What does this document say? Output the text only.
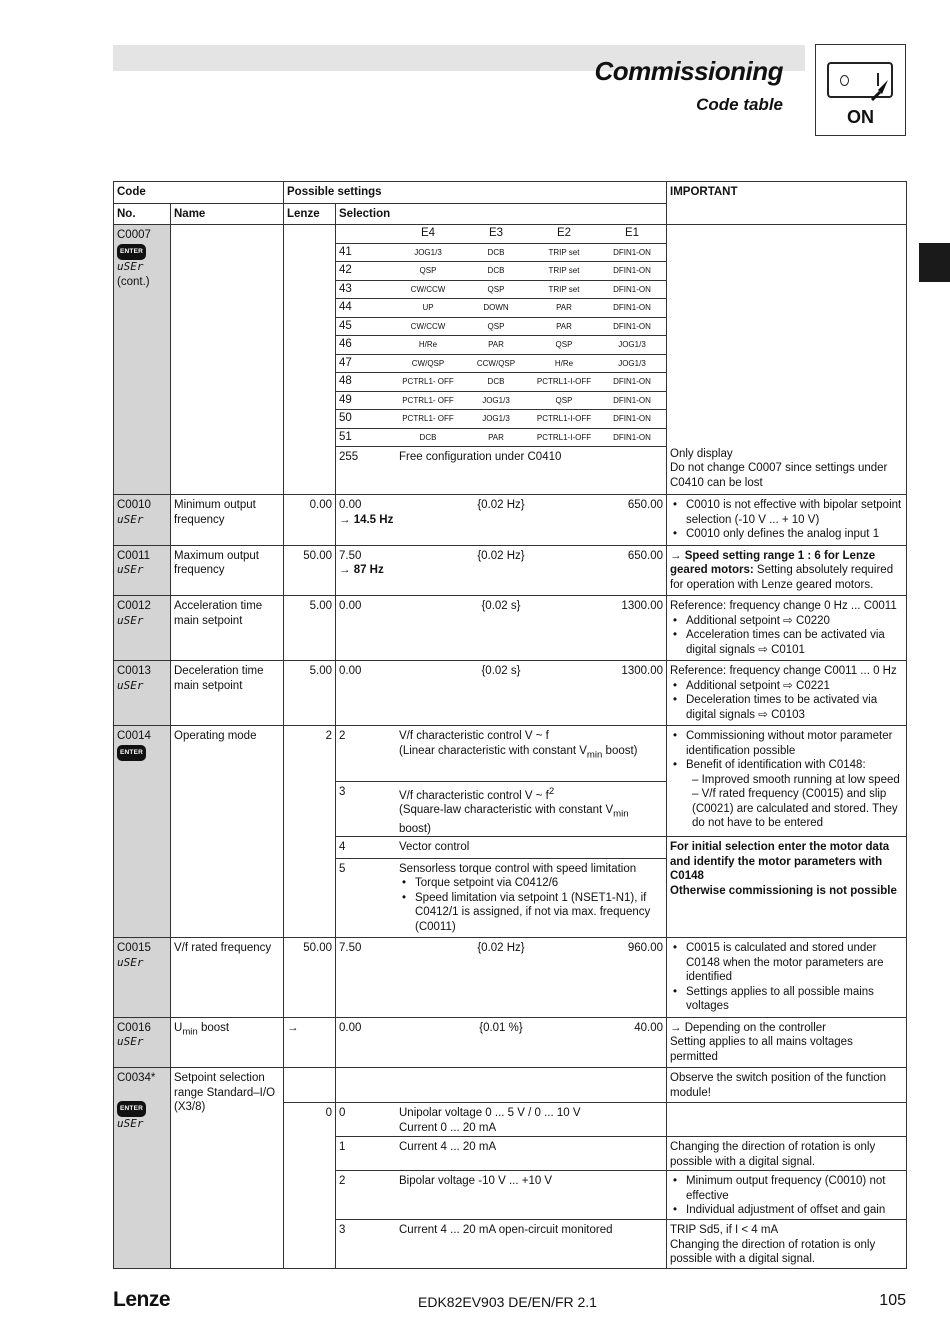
Commissioning
Code table
ON
Code	Possible settings	IMPORTANT
No.	Name	Lenze	Selection

C0007
ENTER
uSEr
(cont.)

	E4	E3	E2	E1
41	JOG1/3	DCB	TRIP set	DFIN1-ON
42	QSP	DCB	TRIP set	DFIN1-ON
43	CW/CCW	QSP	TRIP set	DFIN1-ON
44	UP	DOWN	PAR	DFIN1-ON
45	CW/CCW	QSP	PAR	DFIN1-ON
46	H/Re	PAR	QSP	JOG1/3
47	CW/QSP	CCW/QSP	H/Re	JOG1/3
48	PCTRL1- OFF	DCB	PCTRL1-I-OFF	DFIN1-ON
49	PCTRL1- OFF	JOG1/3	QSP	DFIN1-ON
50	PCTRL1- OFF	JOG1/3	PCTRL1-I-OFF	DFIN1-ON
51	DCB	PAR	PCTRL1-I-OFF	DFIN1-ON
255	Free configuration under C0410	Only display
Do not change C0007 since settings under C0410 can be lost

C0010
uSEr
	Minimum output frequency	0.00	0.00	{0.02 Hz}	650.00
→ 14.5 Hz

• C0010 is not effective with bipolar setpoint selection (-10 V ... + 10 V)
• C0010 only defines the analog input 1

C0011
uSEr
	Maximum output frequency	50.00	7.50	{0.02 Hz}	650.00
→ 87 Hz
	→ Speed setting range 1 : 6 for Lenze geared motors: Setting absolutely required for operation with Lenze geared motors.

C0012
uSEr
	Acceleration time main setpoint	5.00	0.00	{0.02 s}	1300.00
	Reference: frequency change 0 Hz ... C0011
• Additional setpoint ⇨ C0220
• Acceleration times can be activated via digital signals ⇨ C0101

C0013
uSEr
	Deceleration time main setpoint	5.00	0.00	{0.02 s}	1300.00
	Reference: frequency change C0011 ... 0 Hz
• Additional setpoint ⇨ C0221
• Deceleration times to be activated via digital signals ⇨ C0103

C0014
ENTER
	Operating mode	2	2	V/f characteristic control V ~ f
(Linear characteristic with constant $V_{min}$ boost)
3	V/f characteristic control V ~ $f^2$
(Square-law characteristic with constant $V_{min}$ boost)
4	Vector control
5	Sensorless torque control with speed limitation
• Torque setpoint via C0412/6
• Speed limitation via setpoint 1 (NSET1-N1), if C0412/1 is assigned, if not via max. frequency (C0011)

• Commissioning without motor parameter identification possible
• Benefit of identification with C0148:
– Improved smooth running at low speed
– V/f rated frequency (C0015) and slip (C0021) are calculated and stored. They do not have to be entered
For initial selection enter the motor data and identify the motor parameters with C0148
Otherwise commissioning is not possible

C0015
uSEr
	V/f rated frequency	50.00	7.50	{0.02 Hz}	960.00

•	C0015 is calculated and stored under C0148 when the motor parameters are identified
• Settings applies to all possible mains voltages

C0016
uSEr
	$U_{min}$ boost	→		0.00	{0.01 %}	40.00
	→ Depending on the controller
Setting applies to all mains voltages permitted

C0034*
ENTER
uSEr
	Setpoint selection range Standard–I/O (X3/8)	0	0	Unipolar voltage 0 ... 5 V / 0 ... 10 V
Current 0 ... 20 mA
1	Current 4 ... 20 mA
2	Bipolar voltage -10 V ... +10 V
3	Current 4 ... 20 mA open-circuit monitored

Observe the switch position of the function module!
Changing the direction of rotation is only possible with a digital signal.
• Minimum output frequency (C0010) not effective
• Individual adjustment of offset and gain
TRIP Sd5, if I < 4 mA
Changing the direction of rotation is only possible with a digital signal.
Lenze	EDK82EV903 DE/EN/FR 2.1	105
